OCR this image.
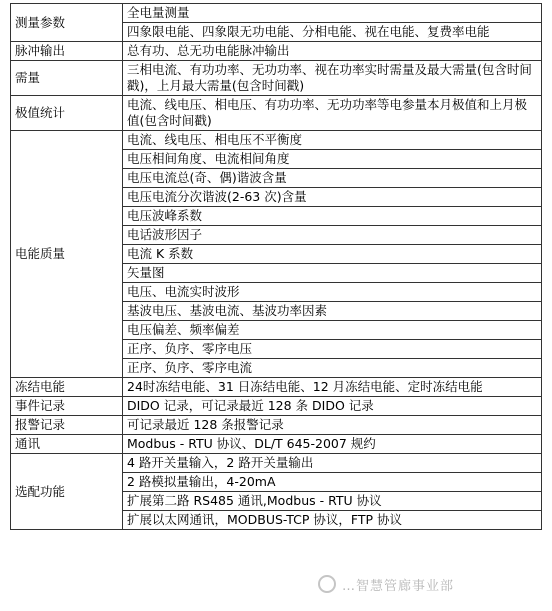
测量参数	全电量测量
	四象限电能、四象限无功电能、分相电能、视在电能、复费率电能
脉冲输出	总有功、总无功电能脉冲输出
需量	三相电流、有功功率、无功功率、视在功率实时需量及最大需量(包含时间戳)，上月最大需量(包含时间戳)
极值统计	电流、线电压、相电压、有功功率、无功功率等电参量本月极值和上月极值(包含时间戳)
电能质量	电流、线电压、相电压不平衡度
	电压相间角度、电流相间角度
	电压电流总(奇、偶)谐波含量
	电压电流分次谐波(2-63 次)含量
	电压波峰系数
	电话波形因子
	电流 K 系数
	矢量图
	电压、电流实时波形
	基波电压、基波电流、基波功率因素
	电压偏差、频率偏差
	正序、负序、零序电压
	正序、负序、零序电流
冻结电能	24时冻结电能、31 日冻结电能、12 月冻结电能、定时冻结电能
事件记录	DIDO 记录，可记录最近 128 条 DIDO 记录
报警记录	可记录最近 128 条报警记录
通讯	Modbus - RTU 协议、DL/T 645-2007 规约
选配功能	4 路开关量输入，2 路开关量输出
	2 路模拟量输出，4-20mA
	扩展第二路 RS485 通讯,Modbus - RTU 协议
	扩展以太网通讯，MODBUS-TCP 协议，FTP 协议
…智慧管廊事业部
